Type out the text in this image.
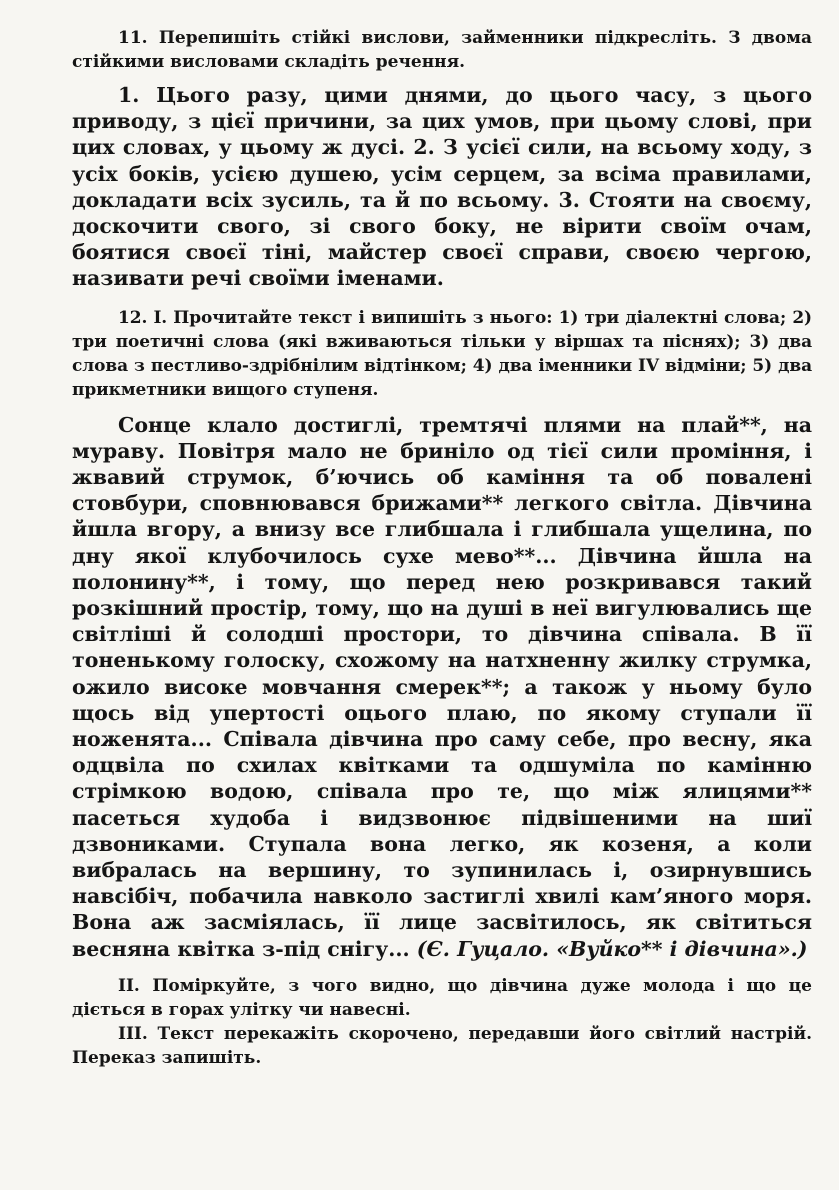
11. Перепишіть стійкі вислови, займенники підкресліть. З двома стійкими висловами складіть речення.

1. Цього разу, цими днями, до цього часу, з цього приводу, з цієї причини, за цих умов, при цьому слові, при цих словах, у цьому ж дусі. 2. З усієї сили, на всьому ходу, з усіх боків, усією душею, усім серцем, за всіма правилами, докладати всіх зусиль, та й по всьому. 3. Стояти на своєму, доскочити свого, зі свого боку, не вірити своїм очам, боятися своєї тіні, майстер своєї справи, своєю чергою, називати речі своїми іменами.

12. І. Прочитайте текст і випишіть з нього: 1) три діалектні слова; 2) три поетичні слова (які вживаються тільки у віршах та піснях); 3) два слова з пестливо-здрібнілим відтінком; 4) два іменники IV відміни; 5) два прикметники вищого ступеня.

Сонце клало достиглі, тремтячі плями на плай**, на мураву. Повітря мало не бриніло од тієї сили проміння, і жвавий струмок, б’ючись об каміння та об повалені стовбури, сповнювався брижами** легкого світла. Дівчина йшла вгору, а внизу все глибшала і глибшала ущелина, по дну якої клубочилось сухе мево**... Дівчина йшла на полонину**, і тому, що перед нею розкривався такий розкішний простір, тому, що на душі в неї вигулювались ще світліші й солодші простори, то дівчина співала. В її тоненькому голоску, схожому на натхненну жилку струмка, ожило високе мовчання смерек**; а також у ньому було щось від упертості оцього плаю, по якому ступали її ноженята... Співала дівчина про саму себе, про весну, яка одцвіла по схилах квітками та одшуміла по камінню стрімкою водою, співала про те, що між ялицями** пасеться худоба і видзвонює підвішеними на шиї дзвониками. Ступала вона легко, як козеня, а коли вибралась на вершину, то зупинилась і, озирнувшись навсібіч, побачила навколо застиглі хвилі кам’яного моря. Вона аж засміялась, її лице засвітилось, як світиться весняна квітка з-під снігу... (Є. Гуцало. «Вуйко** і дівчина».)

ІІ. Поміркуйте, з чого видно, що дівчина дуже молода і що це діється в горах улітку чи навесні.

ІІІ. Текст перекажіть скорочено, передавши його світлий настрій. Переказ запишіть.
